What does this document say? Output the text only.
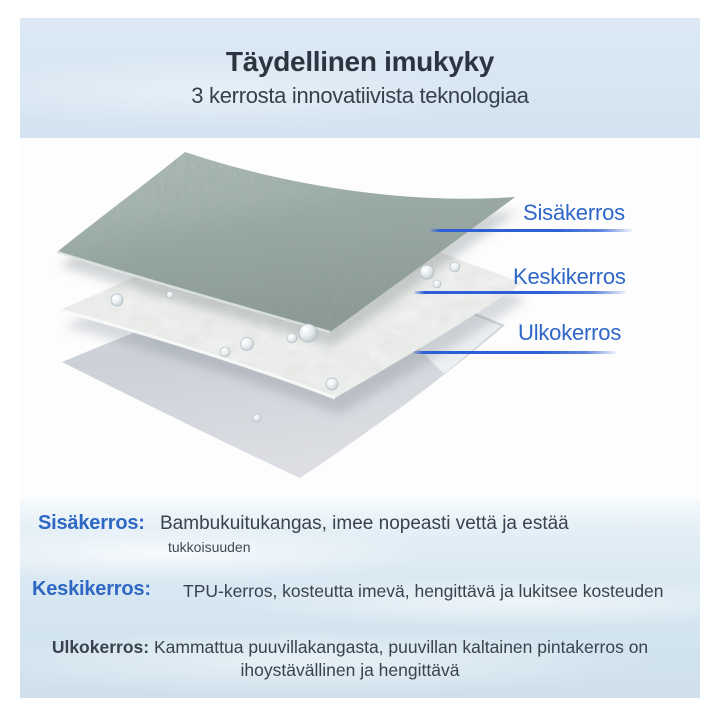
Täydellinen imukyky
3 kerrosta innovatiivista teknologiaa
Sisäkerros
Keskikerros
Ulkokerros
Sisäkerros: Bambukuitukangas, imee nopeasti vettä ja estää
tukkoisuuden
Keskikerros: TPU-kerros, kosteutta imevä, hengittävä ja lukitsee kosteuden
Ulkokerros: Kammattua puuvillakangasta, puuvillan kaltainen pintakerros on
ihoystävällinen ja hengittävä
